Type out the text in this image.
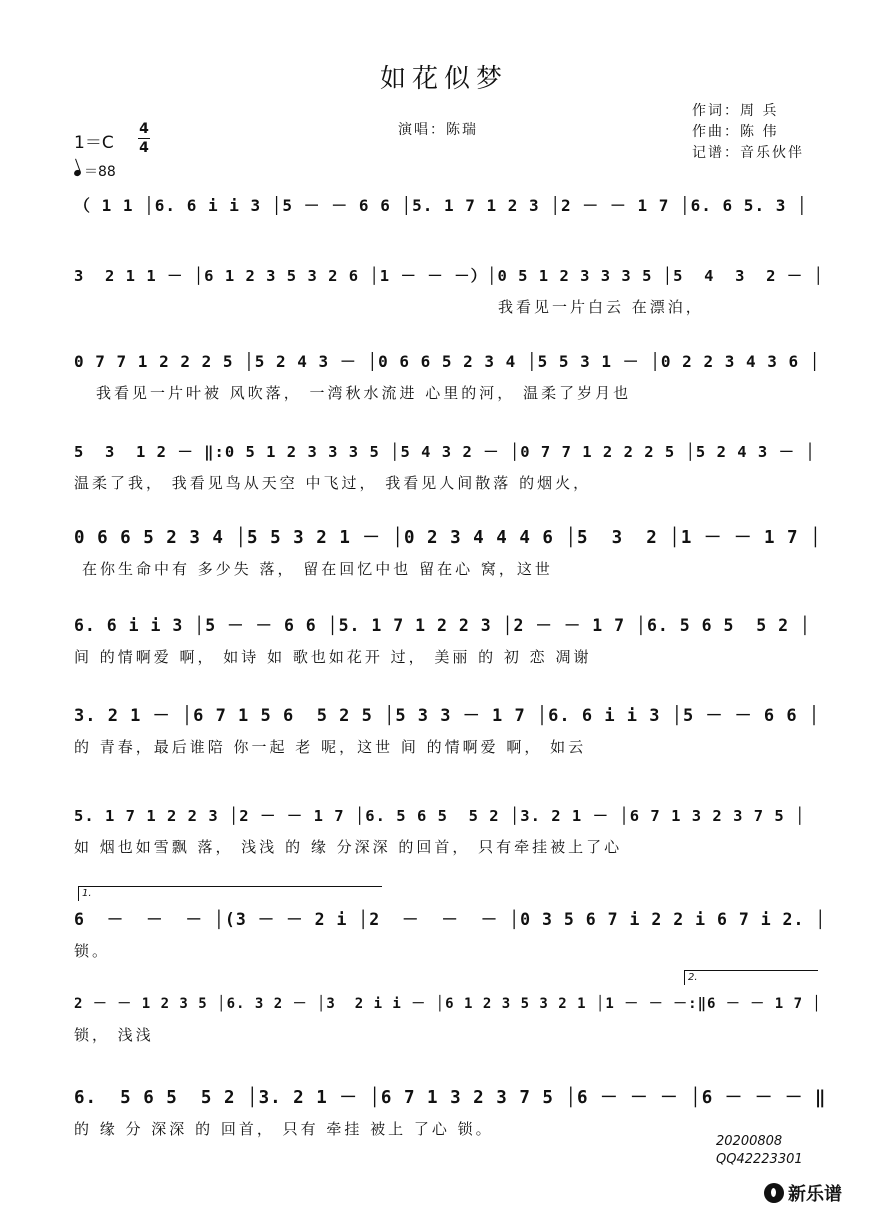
如花似梦
演唱：陈瑞
作词：周 兵
作曲：陈 伟
记谱：音乐伙伴
1＝C
4
4
＝88
（ 1 1 │6. 6 i i 3 │5 － － 6 6 │5. 1 7 1 2 3 │2 － － 1 7 │6. 6 5. 3 │
3  2 1 1 － │6 1 2 3 5 3 2 6 │1 － － －）│0 5 1 2 3 3 3 5 │5  4  3  2 － │
我看见一片白云 在漂泊，
0 7 7 1 2 2 2 5 │5 2 4 3 － │0 6 6 5 2 3 4 │5 5 3 1 － │0 2 2 3 4 3 6 │
我看见一片叶被 风吹落， 一湾秋水流进 心里的河， 温柔了岁月也
5  3  1 2 － ‖:0 5 1 2 3 3 3 5 │5 4 3 2 － │0 7 7 1 2 2 2 5 │5 2 4 3 － │
温柔了我， 我看见鸟从天空 中飞过， 我看见人间散落 的烟火，
0 6 6 5 2 3 4 │5 5 3 2 1 － │0 2 3 4 4 4 6 │5  3  2 │1 － － 1 7 │
在你生命中有 多少失 落， 留在回忆中也 留在心 窝，这世
6. 6 i i 3 │5 － － 6 6 │5. 1 7 1 2 2 3 │2 － － 1 7 │6. 5 6 5  5 2 │
间 的情啊爱 啊， 如诗 如 歌也如花开 过， 美丽 的 初 恋 凋谢
3. 2 1 － │6 7 1 5 6  5 2 5 │5 3 3 － 1 7 │6. 6 i i 3 │5 － － 6 6 │
的 青春，最后谁陪 你一起 老 呢，这世 间 的情啊爱 啊， 如云
5. 1 7 1 2 2 3 │2 － － 1 7 │6. 5 6 5  5 2 │3. 2 1 － │6 7 1 3 2 3 7 5 │
如 烟也如雪飘 落， 浅浅 的 缘 分深深 的回首， 只有牵挂被上了心
1.
6  －  －  － │(3 － － 2 i │2  －  －  － │0 3 5 6 7 i 2 2 i 6 7 i 2. │
锁。
2.
2 － － 1 2 3 5 │6. 3 2 － │3  2 i i － │6 1 2 3 5 3 2 1 │1 － － －:‖6 － － 1 7 │
锁， 浅浅
6.  5 6 5  5 2 │3. 2 1 － │6 7 1 3 2 3 7 5 │6 － － － │6 － － － ‖
的 缘 分 深深 的 回首， 只有 牵挂 被上 了心 锁。
20200808
QQ42223301
新乐谱
